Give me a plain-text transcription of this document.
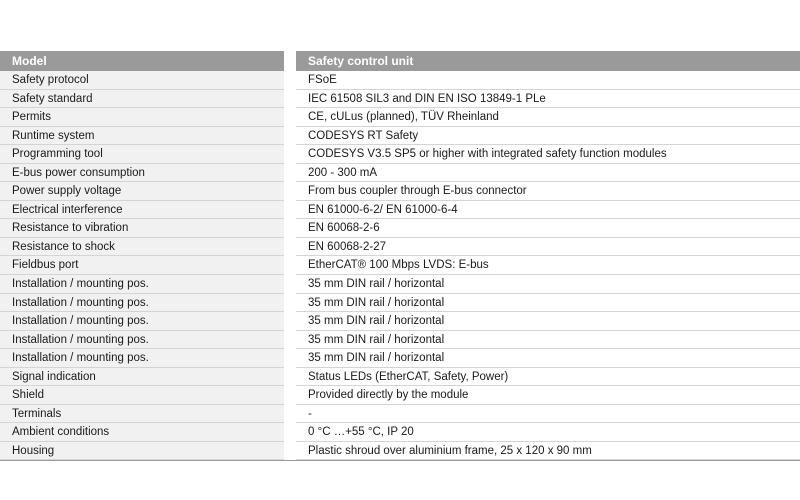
Model	Safety control unit
Safety protocol	FSoE
Safety standard	IEC 61508 SIL3 and DIN EN ISO 13849-1 PLe
Permits	CE, cULus (planned), TÜV Rheinland
Runtime system	CODESYS RT Safety
Programming tool	CODESYS V3.5 SP5 or higher with integrated safety function modules
E-bus power consumption	200 - 300 mA
Power supply voltage	From bus coupler through E-bus connector
Electrical interference	EN 61000-6-2/ EN 61000-6-4
Resistance to vibration	EN 60068-2-6
Resistance to shock	EN 60068-2-27
Fieldbus port	EtherCAT® 100 Mbps LVDS: E-bus
Installation / mounting pos.	35 mm DIN rail / horizontal
Installation / mounting pos.	35 mm DIN rail / horizontal
Installation / mounting pos.	35 mm DIN rail / horizontal
Installation / mounting pos.	35 mm DIN rail / horizontal
Installation / mounting pos.	35 mm DIN rail / horizontal
Signal indication	Status LEDs (EtherCAT, Safety, Power)
Shield	Provided directly by the module
Terminals	-
Ambient conditions	0 °C …+55 °C, IP 20
Housing	Plastic shroud over aluminium frame, 25 x 120 x 90 mm
